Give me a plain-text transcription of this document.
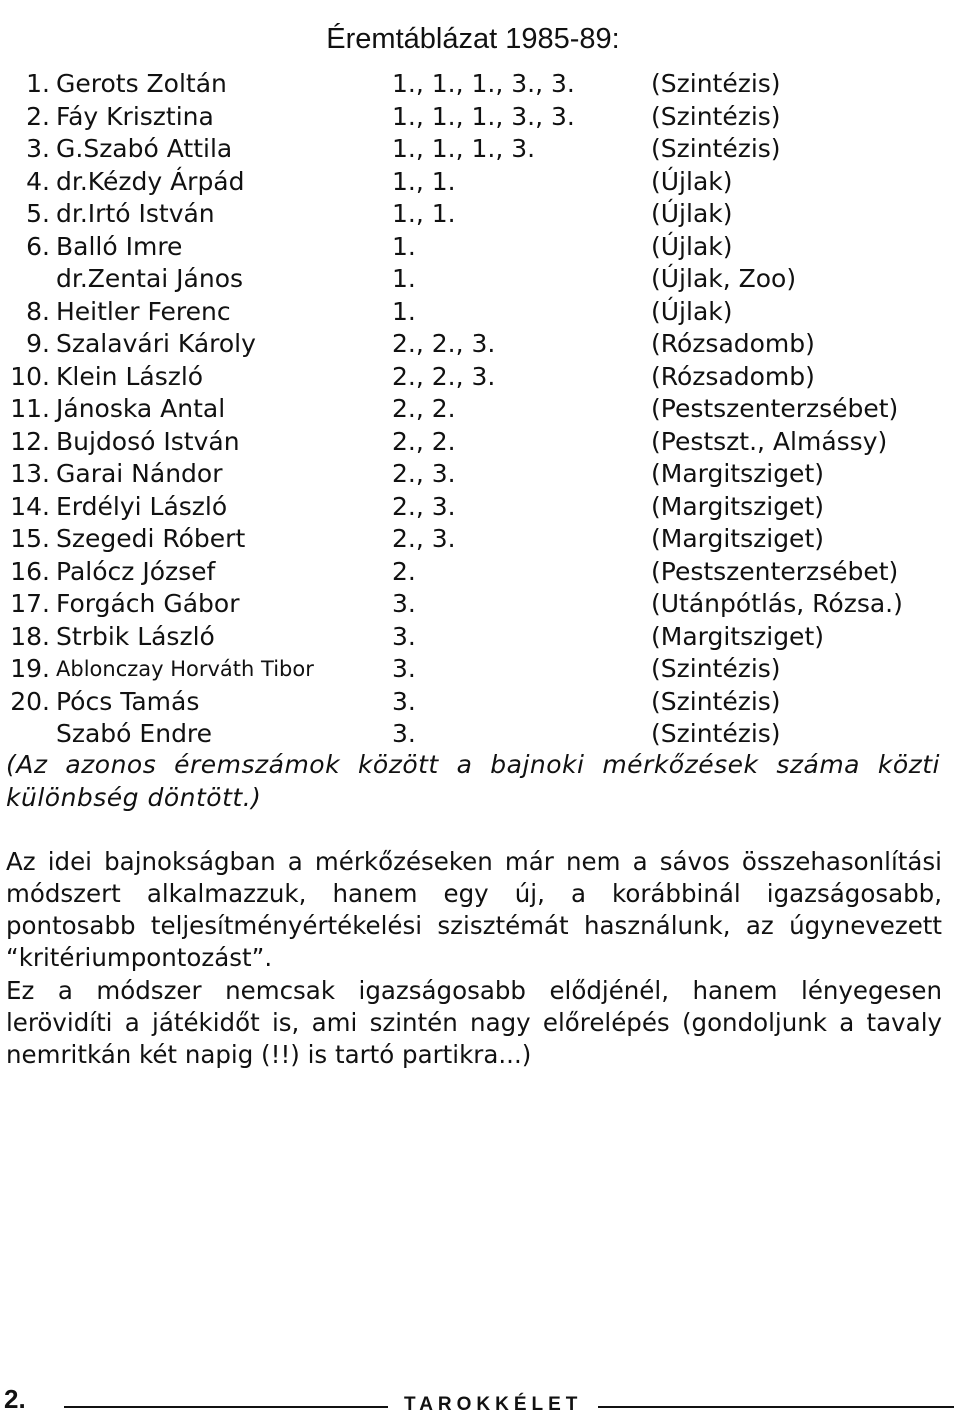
Éremtáblázat 1985-89:
1. Gerots Zoltán	1., 1., 1., 3., 3.	(Szintézis)
2. Fáy Krisztina	1., 1., 1., 3., 3.	(Szintézis)
3. G.Szabó Attila	1., 1., 1., 3.	(Szintézis)
4. dr.Kézdy Árpád	1., 1.	(Újlak)
5. dr.Irtó István	1., 1.	(Újlak)
6. Balló Imre	1.	(Újlak)
dr.Zentai János	1.	(Újlak, Zoo)
8. Heitler Ferenc	1.	(Újlak)
9. Szalavári Károly	2., 2., 3.	(Rózsadomb)
10. Klein László	2., 2., 3.	(Rózsadomb)
11. Jánoska Antal	2., 2.	(Pestszenterzsébet)
12. Bujdosó István	2., 2.	(Pestszt., Almássy)
13. Garai Nándor	2., 3.	(Margitsziget)
14. Erdélyi László	2., 3.	(Margitsziget)
15. Szegedi Róbert	2., 3.	(Margitsziget)
16. Palócz József	2.	(Pestszenterzsébet)
17. Forgách Gábor	3.	(Utánpótlás, Rózsa.)
18. Strbik László	3.	(Margitsziget)
19. Ablonczay Horváth Tibor	3.	(Szintézis)
20. Pócs Tamás	3.	(Szintézis)
Szabó Endre	3.	(Szintézis)
(Az azonos éremszámok között a bajnoki mérkőzések száma közti különbség döntött.)

Az idei bajnokságban a mérkőzéseken már nem a sávos összehasonlítási módszert alkalmazzuk, hanem egy új, a korábbinál igazságosabb, pontosabb teljesítményértékelési szisztémát használunk, az úgynevezett “kritériumpontozást”.

Ez a módszer nemcsak igazságosabb elődjénél, hanem lényegesen lerövidíti a játékidőt is, ami szintén nagy előrelépés (gondoljunk a tavaly nemritkán két napig (!!) is tartó partikra...)

2.	TAROKKÉLET
